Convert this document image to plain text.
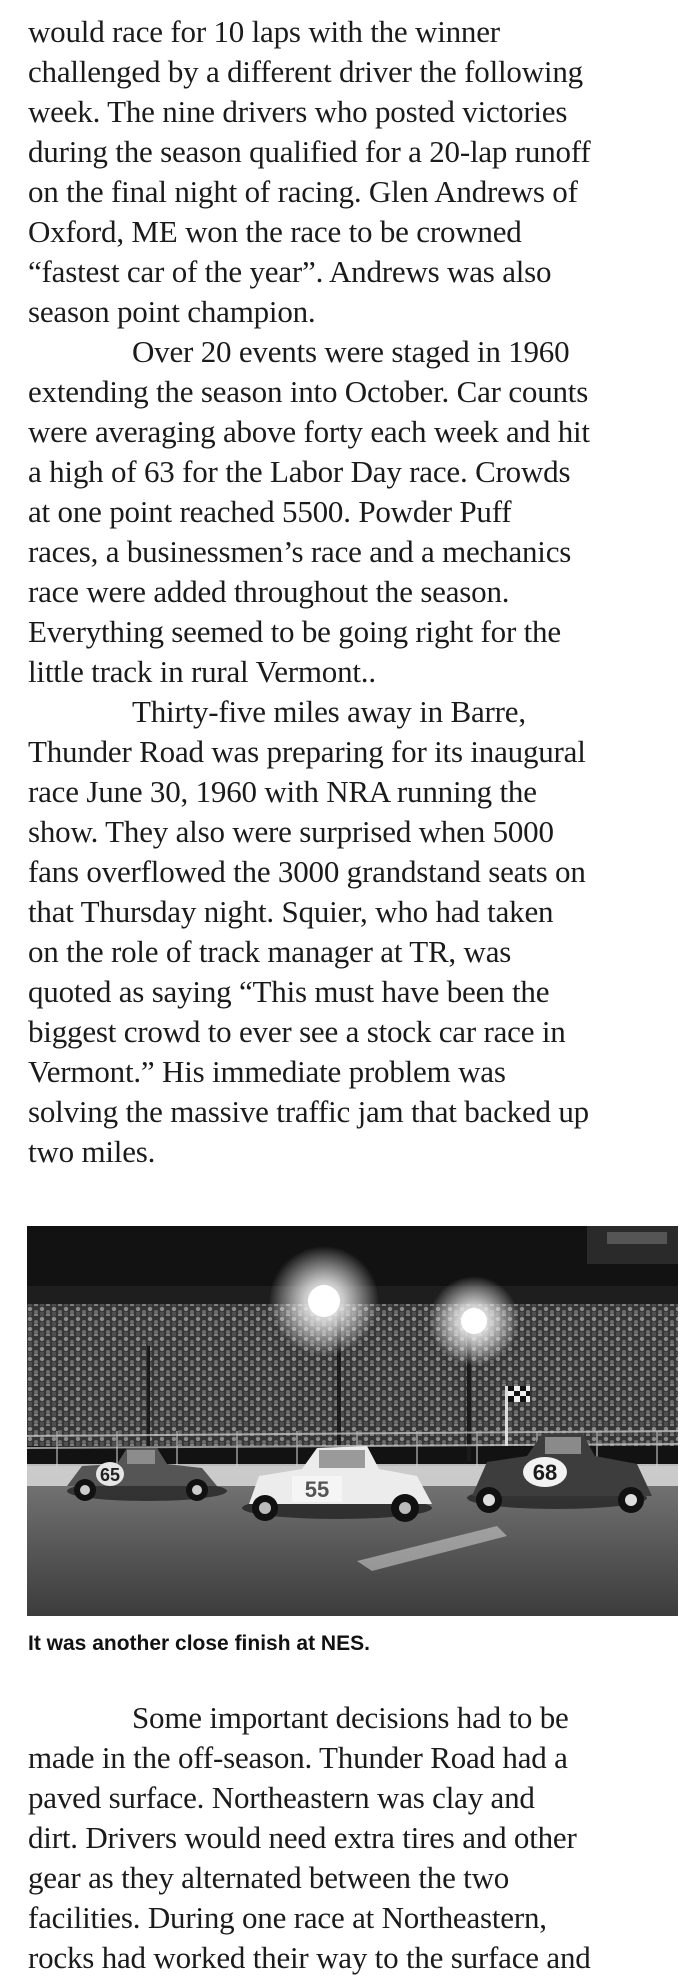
would race for 10 laps with the winner
challenged by a different driver the following
week. The nine drivers who posted victories
during the season qualified for a 20-lap runoff
on the final night of racing. Glen Andrews of
Oxford, ME won the race to be crowned
“fastest car of the year”. Andrews was also
season point champion.
Over 20 events were staged in 1960
extending the season into October. Car counts
were averaging above forty each week and hit
a high of 63 for the Labor Day race. Crowds
at one point reached 5500. Powder Puff
races, a businessmen’s race and a mechanics
race were added throughout the season.
Everything seemed to be going right for the
little track in rural Vermont..
Thirty-five miles away in Barre,
Thunder Road was preparing for its inaugural
race June 30, 1960 with NRA running the
show. They also were surprised when 5000
fans overflowed the 3000 grandstand seats on
that Thursday night. Squier, who had taken
on the role of track manager at TR, was
quoted as saying “This must have been the
biggest crowd to ever see a stock car race in
Vermont.” His immediate problem was
solving the massive traffic jam that backed up
two miles.
65
55
68
It was another close finish at NES.
Some important decisions had to be
made in the off-season. Thunder Road had a
paved surface. Northeastern was clay and
dirt. Drivers would need extra tires and other
gear as they alternated between the two
facilities. During one race at Northeastern,
rocks had worked their way to the surface and
